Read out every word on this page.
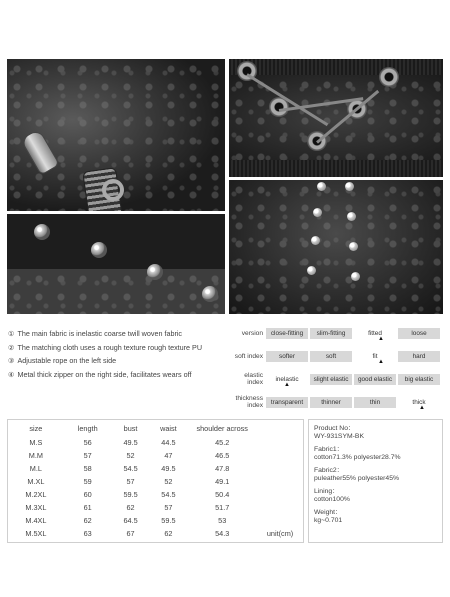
① The main fabric is inelastic coarse twill woven fabric
② The matching cloth uses a rough texture rough texture PU
③ Adjustable rope on the left side
④ Metal thick zipper on the right side, facilitates wears off
version	close-fitting	slim-fitting	fitted	loose
▲
soft index	softer	soft	fit	hard
▲
elastic index	inelastic	slight elastic	good elastic	big elastic
▲
thickness index	transparent	thinner	thin	thick
▲
size	length	bust	waist	shoulder across	
M.S	56	49.5	44.5	45.2	
M.M	57	52	47	46.5	
M.L	58	54.5	49.5	47.8	
M.XL	59	57	52	49.1	
M.2XL	60	59.5	54.5	50.4	
M.3XL	61	62	57	51.7	
M.4XL	62	64.5	59.5	53	
M.5XL	63	67	62	54.3	unit(cm)
Product No：
WY-931SYM-BK
Fabric1：
cotton71.3% polyester28.7%
Fabric2：
puleather55% polyester45%
Lining：
cotton100%
Weight：
kg~0.701
